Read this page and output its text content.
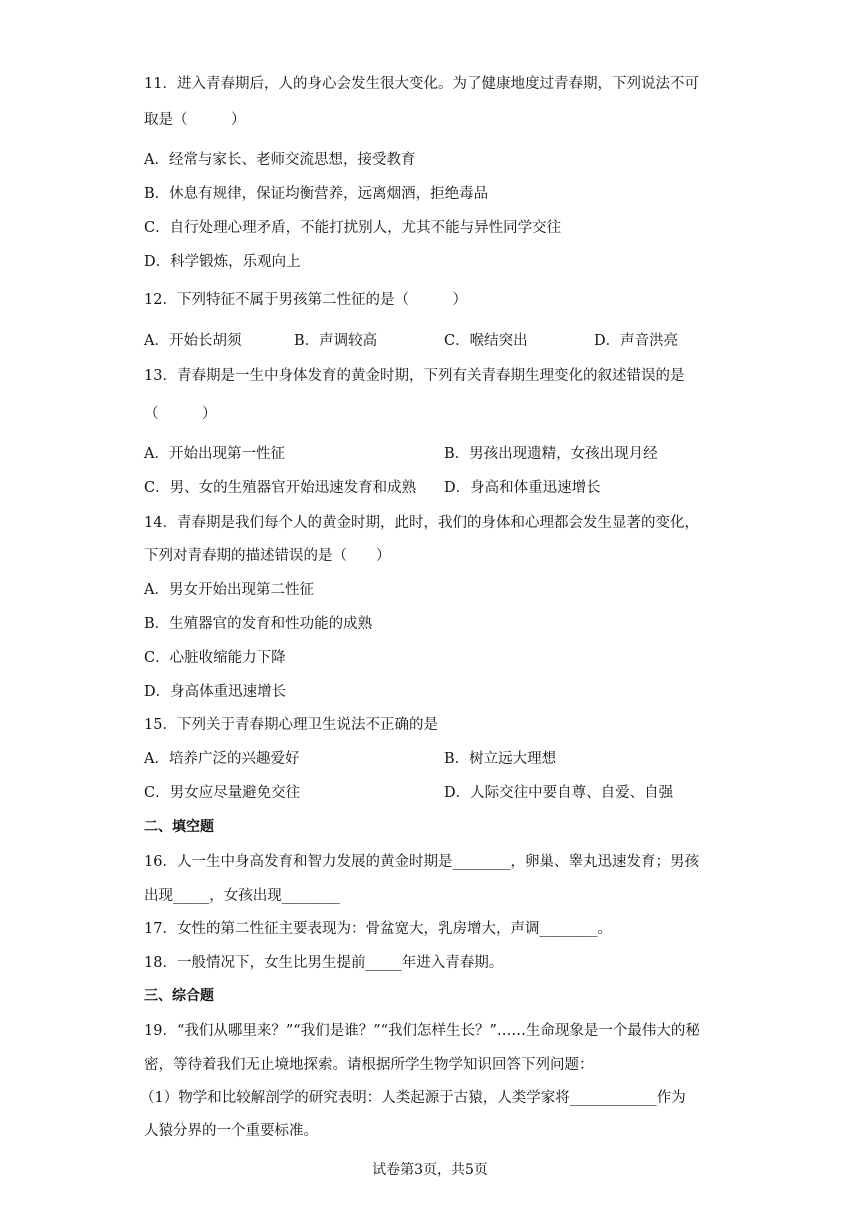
11．进入青春期后，人的身心会发生很大变化。为了健康地度过青春期，下列说法不可
取是（　　　）
A．经常与家长、老师交流思想，接受教育
B．休息有规律，保证均衡营养，远离烟酒，拒绝毒品
C．自行处理心理矛盾，不能打扰别人，尤其不能与异性同学交往
D．科学锻炼，乐观向上
12．下列特征不属于男孩第二性征的是（　　　）
A．开始长胡须	B．声调较高	C．喉结突出	D．声音洪亮
13．青春期是一生中身体发育的黄金时期，下列有关青春期生理变化的叙述错误的是
（　　　）
A．开始出现第一性征	B．男孩出现遗精，女孩出现月经
C．男、女的生殖器官开始迅速发育和成熟 D．身高和体重迅速增长
14．青春期是我们每个人的黄金时期，此时，我们的身体和心理都会发生显著的变化，
下列对青春期的描述错误的是（　　）
A．男女开始出现第二性征
B．生殖器官的发育和性功能的成熟
C．心脏收缩能力下降
D．身高体重迅速增长
15．下列关于青春期心理卫生说法不正确的是
A．培养广泛的兴趣爱好	B．树立远大理想
C．男女应尽量避免交往	D．人际交往中要自尊、自爱、自强
二、填空题
16．人一生中身高发育和智力发展的黄金时期是________，卵巢、睾丸迅速发育；男孩
出现_____，女孩出现________
17．女性的第二性征主要表现为：骨盆宽大，乳房增大，声调________。
18．一般情况下，女生比男生提前_____年进入青春期。
三、综合题
19．“我们从哪里来？”“我们是谁？”“我们怎样生长？”……生命现象是一个最伟大的秘
密，等待着我们无止境地探索。请根据所学生物学知识回答下列问题：
（1）物学和比较解剖学的研究表明：人类起源于古猿，人类学家将____________作为
人猿分界的一个重要标准。
试卷第3页，共5页
